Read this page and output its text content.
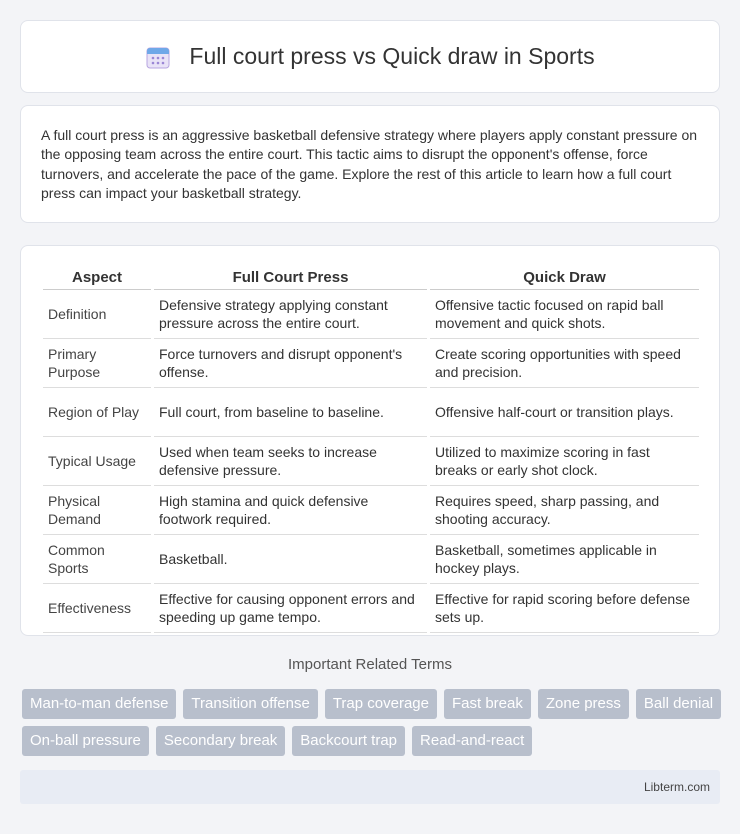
Full court press vs Quick draw in Sports

A full court press is an aggressive basketball defensive strategy where players apply constant pressure on the opposing team across the entire court. This tactic aims to disrupt the opponent's offense, force turnovers, and accelerate the pace of the game. Explore the rest of this article to learn how a full court press can impact your basketball strategy.

Aspect	Full Court Press	Quick Draw
Definition	Defensive strategy applying constant pressure across the entire court.	Offensive tactic focused on rapid ball movement and quick shots.
Primary Purpose	Force turnovers and disrupt opponent's offense.	Create scoring opportunities with speed and precision.
Region of Play	Full court, from baseline to baseline.	Offensive half-court or transition plays.
Typical Usage	Used when team seeks to increase defensive pressure.	Utilized to maximize scoring in fast breaks or early shot clock.
Physical Demand	High stamina and quick defensive footwork required.	Requires speed, sharp passing, and shooting accuracy.
Common Sports	Basketball.	Basketball, sometimes applicable in hockey plays.
Effectiveness	Effective for causing opponent errors and speeding up game tempo.	Effective for rapid scoring before defense sets up.
Important Related Terms
Man-to-man defense	Transition offense	Trap coverage	Fast break	Zone press	Ball denial
On-ball pressure	Secondary break	Backcourt trap	Read-and-react
Libterm.com
